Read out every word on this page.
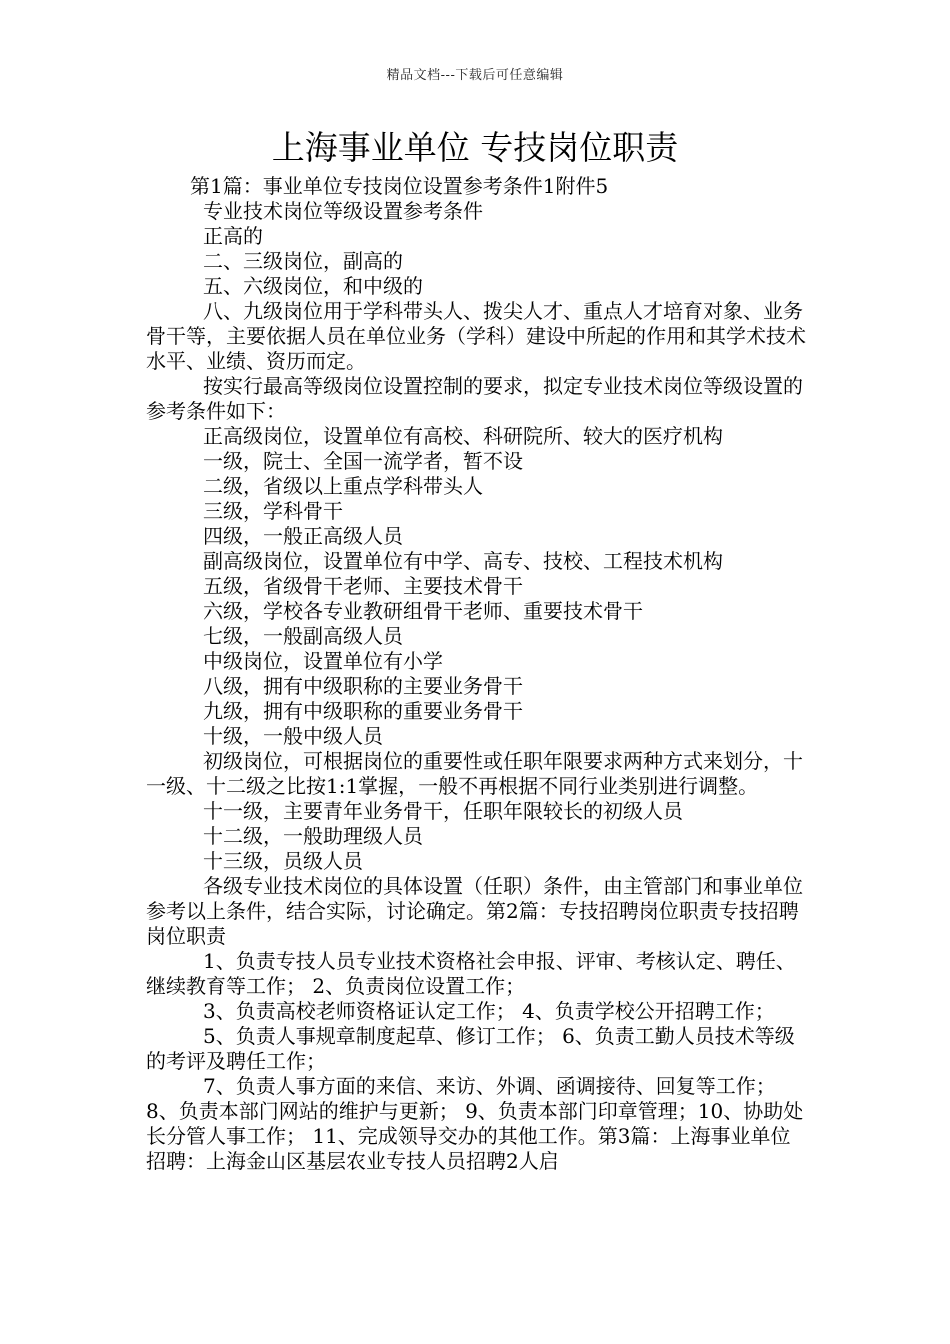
精品文档---下载后可任意编辑
上海事业单位 专技岗位职责

第1篇：事业单位专技岗位设置参考条件1附件5

专业技术岗位等级设置参考条件

正高的

二、三级岗位，副高的

五、六级岗位，和中级的

八、九级岗位用于学科带头人、拨尖人才、重点人才培育对象、业务骨干等，主要依据人员在单位业务（学科）建设中所起的作用和其学术技术水平、业绩、资历而定。

按实行最高等级岗位设置控制的要求，拟定专业技术岗位等级设置的参考条件如下：

正高级岗位，设置单位有高校、科研院所、较大的医疗机构

一级，院士、全国一流学者，暂不设

二级，省级以上重点学科带头人

三级，学科骨干

四级，一般正高级人员

副高级岗位，设置单位有中学、高专、技校、工程技术机构

五级，省级骨干老师、主要技术骨干

六级，学校各专业教研组骨干老师、重要技术骨干

七级，一般副高级人员

中级岗位，设置单位有小学

八级，拥有中级职称的主要业务骨干

九级，拥有中级职称的重要业务骨干

十级，一般中级人员

初级岗位，可根据岗位的重要性或任职年限要求两种方式来划分，十一级、十二级之比按1:1掌握，一般不再根据不同行业类别进行调整。

十一级，主要青年业务骨干，任职年限较长的初级人员

十二级，一般助理级人员

十三级，员级人员

各级专业技术岗位的具体设置（任职）条件，由主管部门和事业单位参考以上条件，结合实际，讨论确定。第2篇：专技招聘岗位职责专技招聘岗位职责

1、负责专技人员专业技术资格社会申报、评审、考核认定、聘任、继续教育等工作； 2、负责岗位设置工作；

3、负责高校老师资格证认定工作； 4、负责学校公开招聘工作；

5、负责人事规章制度起草、修订工作； 6、负责工勤人员技术等级的考评及聘任工作；

7、负责人事方面的来信、来访、外调、函调接待、回复等工作；8、负责本部门网站的维护与更新； 9、负责本部门印章管理；10、协助处长分管人事工作； 11、完成领导交办的其他工作。第3篇：上海事业单位招聘：上海金山区基层农业专技人员招聘2人启
